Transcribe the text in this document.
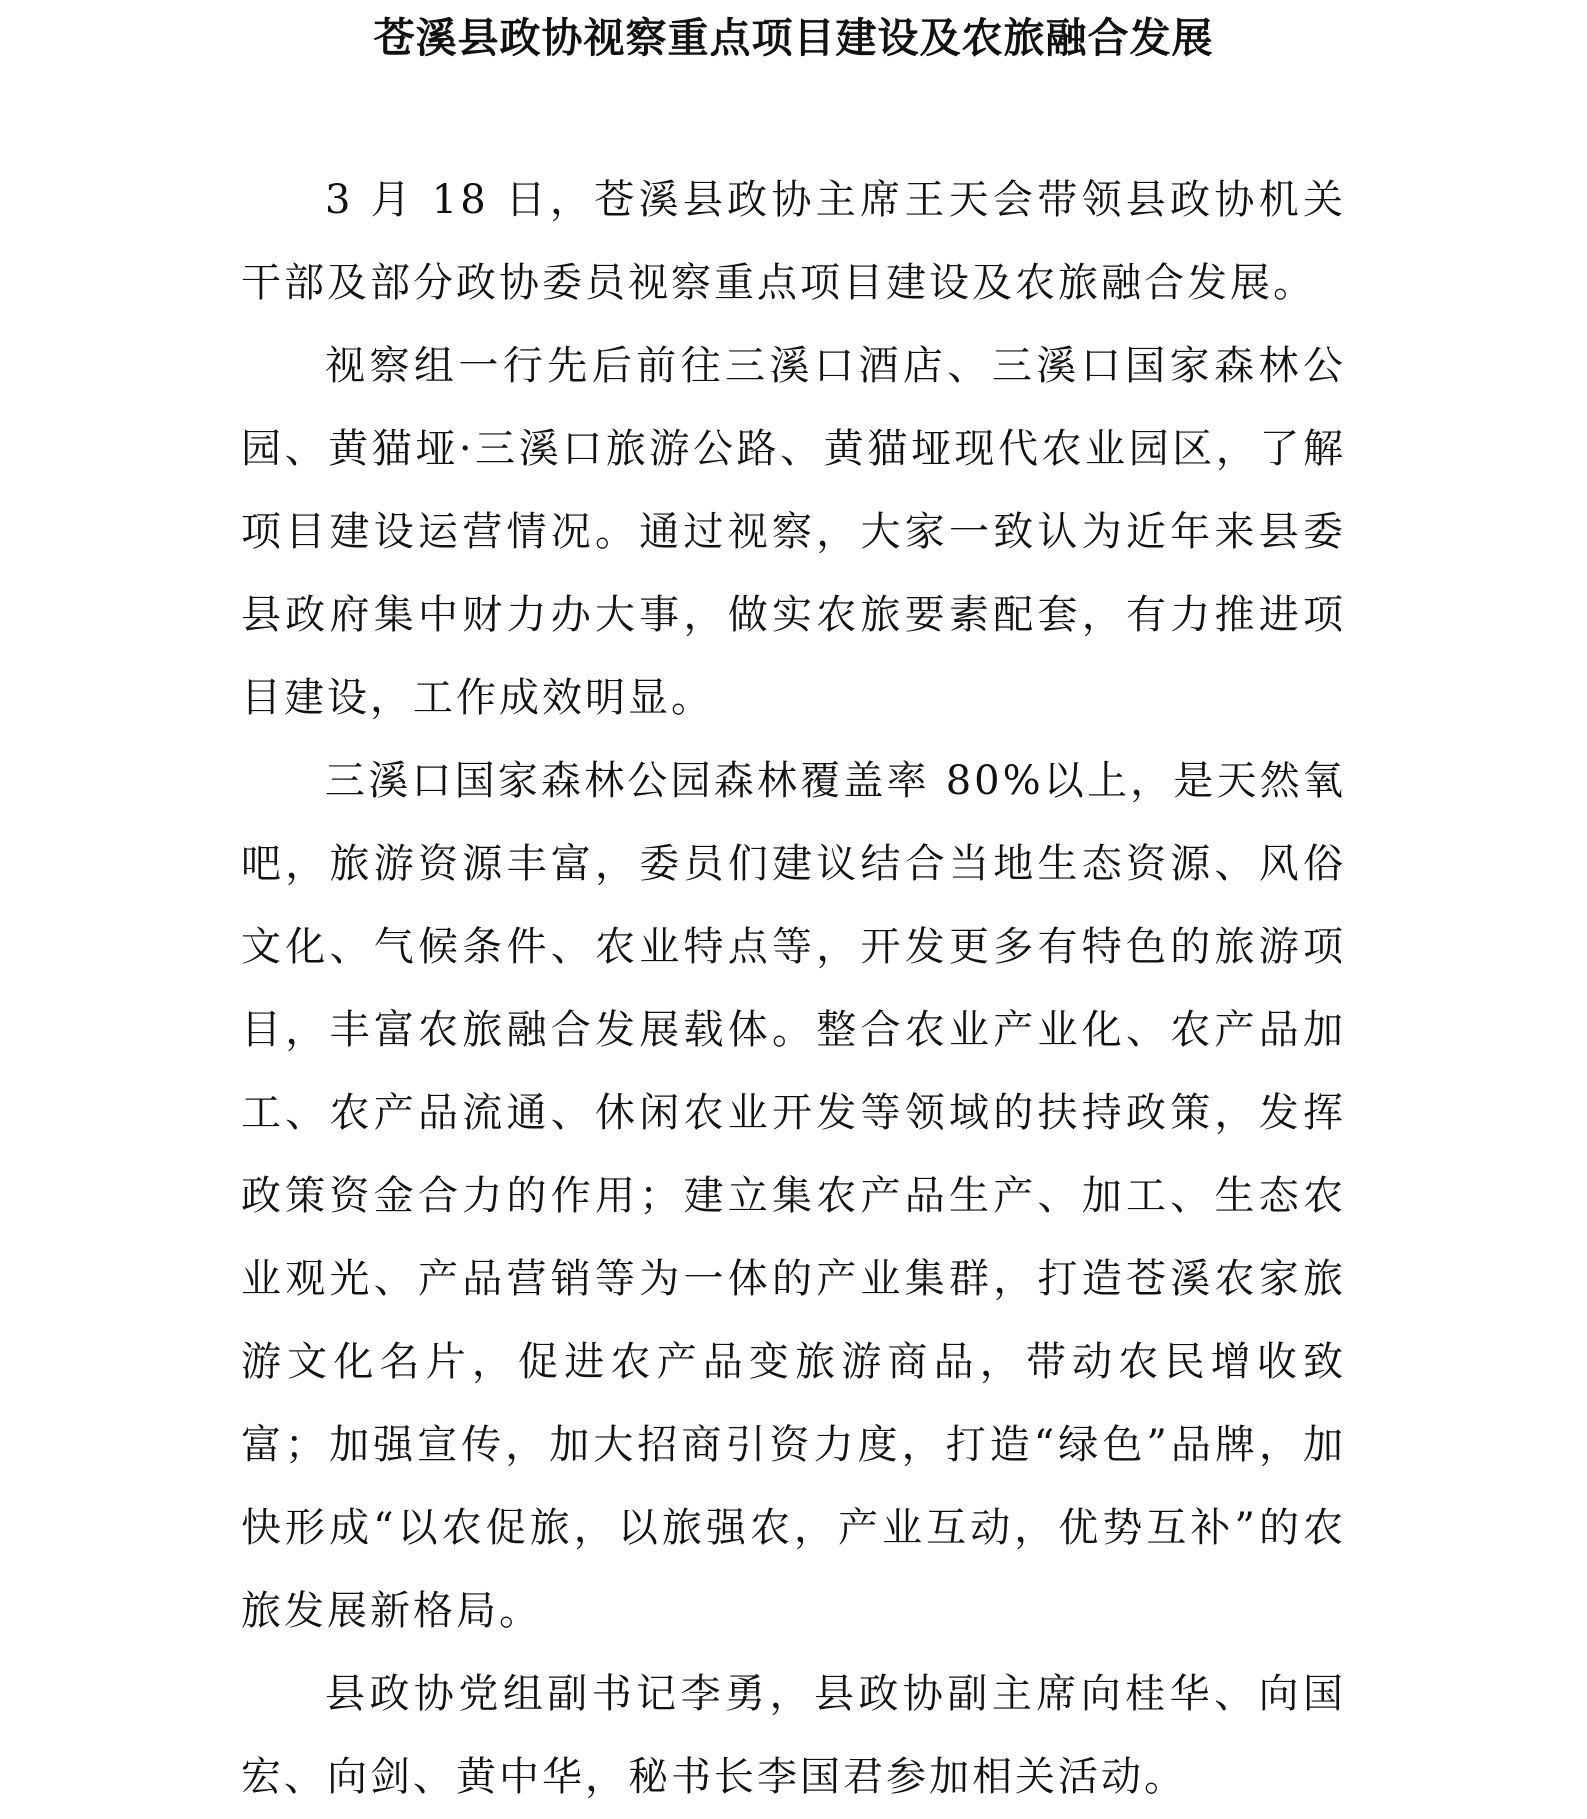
苍溪县政协视察重点项目建设及农旅融合发展

3 月 18 日，苍溪县政协主席王天会带领县政协机关干部及部分政协委员视察重点项目建设及农旅融合发展。

视察组一行先后前往三溪口酒店、三溪口国家森林公园、黄猫垭·三溪口旅游公路、黄猫垭现代农业园区，了解项目建设运营情况。通过视察，大家一致认为近年来县委县政府集中财力办大事，做实农旅要素配套，有力推进项目建设，工作成效明显。

三溪口国家森林公园森林覆盖率 80%以上，是天然氧吧，旅游资源丰富，委员们建议结合当地生态资源、风俗文化、气候条件、农业特点等，开发更多有特色的旅游项目，丰富农旅融合发展载体。整合农业产业化、农产品加工、农产品流通、休闲农业开发等领域的扶持政策，发挥政策资金合力的作用；建立集农产品生产、加工、生态农业观光、产品营销等为一体的产业集群，打造苍溪农家旅游文化名片，促进农产品变旅游商品，带动农民增收致富；加强宣传，加大招商引资力度，打造“绿色”品牌，加快形成“以农促旅，以旅强农，产业互动，优势互补”的农旅发展新格局。

县政协党组副书记李勇，县政协副主席向桂华、向国宏、向剑、黄中华，秘书长李国君参加相关活动。
